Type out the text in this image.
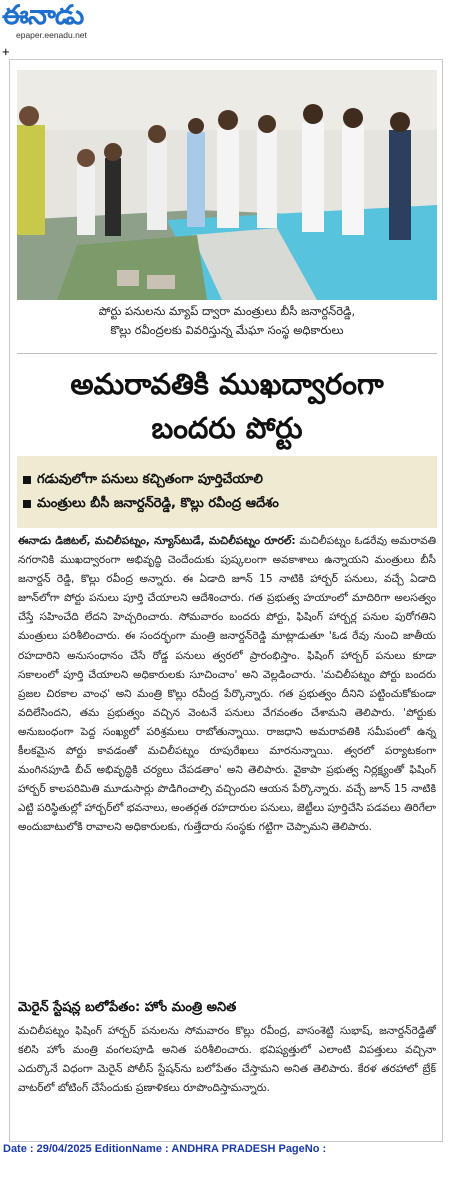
ఈనాడు
epaper.eenadu.net
+
పోర్టు పనులను మ్యాప్ ద్వారా మంత్రులు బీసీ జనార్దన్‌రెడ్డి,
కొల్లు రవీంద్రలకు వివరిస్తున్న మేఘా సంస్థ అధికారులు
అమరావతికి ముఖద్వారంగా
బందరు పోర్టు
గడువులోగా పనులు కచ్చితంగా పూర్తిచేయాలి
మంత్రులు బీసీ జనార్దన్‌రెడ్డి, కొల్లు రవీంద్ర ఆదేశం

ఈనాడు డిజిటల్, మచిలీపట్నం, న్యూస్‌టుడే, మచిలీపట్నం రూరల్: మచిలీపట్నం ఓడరేవు అమరావతి నగరానికి ముఖద్వారంగా అభివృద్ధి చెందేందుకు పుష్కలంగా అవకాశాలు ఉన్నాయని మంత్రులు బీసీ జనార్దన్ రెడ్డి, కొల్లు రవీంద్ర అన్నారు. ఈ ఏడాది జూన్ 15 నాటికి హార్బర్ పనులు, వచ్చే ఏడాది జూన్‌లోగా పోర్టు పనులు పూర్తి చేయాలని ఆదేశించారు. గత ప్రభుత్వ హయాంలో మాదిరిగా అలసత్వం చేస్తే సహించేది లేదని హెచ్చరించారు. సోమవారం బందరు పోర్టు, ఫిషింగ్ హార్బర్ల పనుల పురోగతిని మంత్రులు పరిశీలించారు. ఈ సందర్భంగా మంత్రి జనార్దన్‌రెడ్డి మాట్లాడుతూ 'ఓడ రేవు నుంచి జాతీయ రహదారిని అనుసంధానం చేసే రోడ్డ పనులు త్వరలో ప్రారంభిస్తాం. ఫిషింగ్ హార్బర్ పనులు కూడా సకాలంలో పూర్తి చేయాలని అధికారులకు సూచించాం' అని వెల్లడించారు. 'మచిలీపట్నం పోర్టు బందరు ప్రజల చిరకాల వాంఛ' అని మంత్రి కొల్లు రవీంద్ర పేర్కొన్నారు. గత ప్రభుత్వం దీనిని పట్టించుకోకుండా వదిలేసిందని, తమ ప్రభుత్వం వచ్చిన వెంటనే పనులు వేగవంతం చేశామని తెలిపారు. 'పోర్టుకు అనుబంధంగా పెద్ద సంఖ్యలో పరిశ్రమలు రాబోతున్నాయి. రాజధాని అమరావతికి సమీపంలో ఉన్న కీలకమైన పోర్టు కావడంతో మచిలీపట్నం రూపురేఖలు మారనున్నాయి. త్వరలో పర్యాటకంగా మంగినపూడి బీచ్ అభివృద్ధికి చర్యలు చేపడతాం' అని తెలిపారు. వైకాపా ప్రభుత్వ నిర్లక్ష్యంతో ఫిషింగ్ హార్బర్ కాలపరిమితి మూడుసార్లు పొడిగించాల్సి వచ్చిందని ఆయన పేర్కొన్నారు. వచ్చే జూన్ 15 నాటికి ఎట్టి పరిస్థితుల్లో హార్బర్‌లో భవనాలు, అంతర్గత రహదారుల పనులు, జెట్టీలు పూర్తిచేసి పడవలు తిరిగేలా అందుబాటులోకి రావాలని అధికారులకు, గుత్తేదారు సంస్థకు గట్టిగా చెప్పామని తెలిపారు.

మెరైన్ స్టేషన్ల బలోపేతం: హోం మంత్రి అనిత

మచిలీపట్నం ఫిషింగ్ హార్బర్ పనులను సోమవారం కొల్లు రవీంద్ర, వాసంశెట్టి సుభాష్, జనార్దన్‌రెడ్డితో కలిసి హోం మంత్రి వంగలపూడి అనిత పరిశీలించారు. భవిష్యత్తులో ఎలాంటి విపత్తులు వచ్చినా ఎదుర్కొనే విధంగా మెరైన్ పోలీస్ స్టేషన్‌ను బలోపేతం చేస్తామని అనిత తెలిపారు. కేరళ తరహాలో బ్రేక్ వాటర్‌లో బోటింగ్ చేసేందుకు ప్రణాళికలు రూపొందిస్తామన్నారు.

Date : 29/04/2025 EditionName : ANDHRA PRADESH PageNo :
